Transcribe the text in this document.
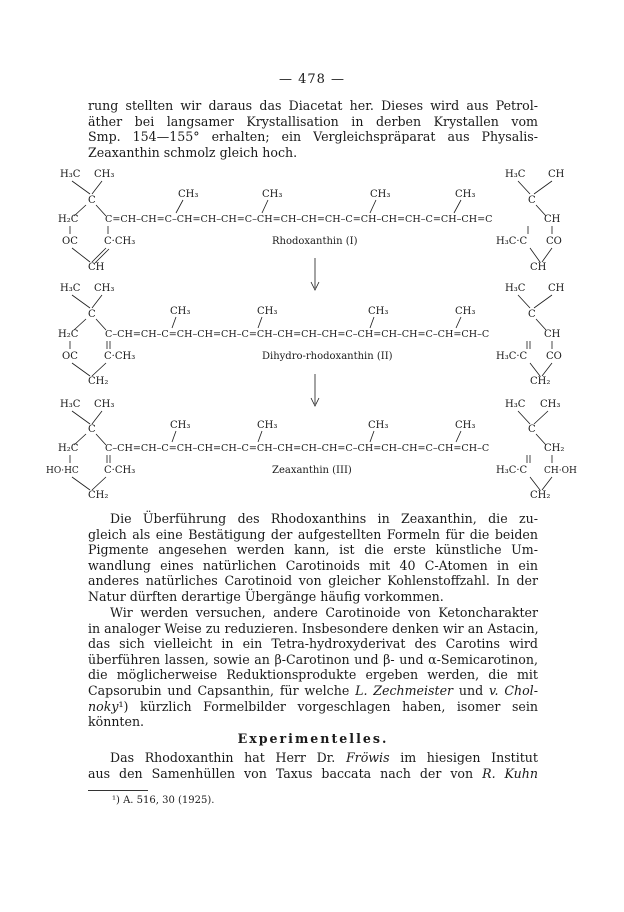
— 478 —
rung stellten wir daraus das Diacetat her. Dieses wird aus Petrol-
äther bei langsamer Krystallisation in derben Krystallen vom
Smp. 154—155° erhalten; ein Vergleichspräparat aus Physalis-
Zeaxanthin schmolz gleich hoch.
H₃C CH₃
C
H₂C	C=CH–CH=C–CH=CH–CH=C–CH=CH–CH=CH–C=CH–CH=CH–C=CH–CH=C
CH₃	CH₃	CH₃	CH₃
OC	C·CH₃
CH
Rhodoxanthin (I)
H₃C CH
C
CH
H₃C·C CO
CH
H₃C CH₃
C
H₂C	C–CH=CH–C=CH–CH=CH–C=CH–CH=CH–CH=C–CH=CH–CH=C–CH=CH–C
CH₃	CH₃	CH₃	CH₃
OC	C·CH₃
CH₂
Dihydro-rhodoxanthin (II)
H₃C CH
C
CH
H₃C·C CO
CH₂
H₃C CH₃
C
H₂C	C–CH=CH–C=CH–CH=CH–C=CH–CH=CH–CH=C–CH=CH–CH=C–CH=CH–C
CH₃	CH₃	CH₃	CH₃
HO·HC	C·CH₃
CH₂
Zeaxanthin (III)
H₃C CH₃
C
CH₂
H₃C·C CH·OH
CH₂
Die Überführung des Rhodoxanthins in Zeaxanthin, die zu-
gleich als eine Bestätigung der aufgestellten Formeln für die beiden
Pigmente angesehen werden kann, ist die erste künstliche Um-
wandlung eines natürlichen Carotinoids mit 40 C-Atomen in ein
anderes natürliches Carotinoid von gleicher Kohlenstoffzahl. In der
Natur dürften derartige Übergänge häufig vorkommen.
Wir werden versuchen, andere Carotinoide von Ketoncharakter
in analoger Weise zu reduzieren. Insbesondere denken wir an Astacin,
das sich vielleicht in ein Tetra-hydroxyderivat des Carotins wird
überführen lassen, sowie an β-Carotinon und β- und α-Semicarotinon,
die möglicherweise Reduktionsprodukte ergeben werden, die mit
Capsorubin und Capsanthin, für welche L. Zechmeister und v. Chol-
noky¹) kürzlich Formelbilder vorgeschlagen haben, isomer sein
könnten.
Experimentelles.
Das Rhodoxanthin hat Herr Dr. Fröwis im hiesigen Institut
aus den Samenhüllen von Taxus baccata nach der von R. Kuhn
¹) A. 516, 30 (1925).
